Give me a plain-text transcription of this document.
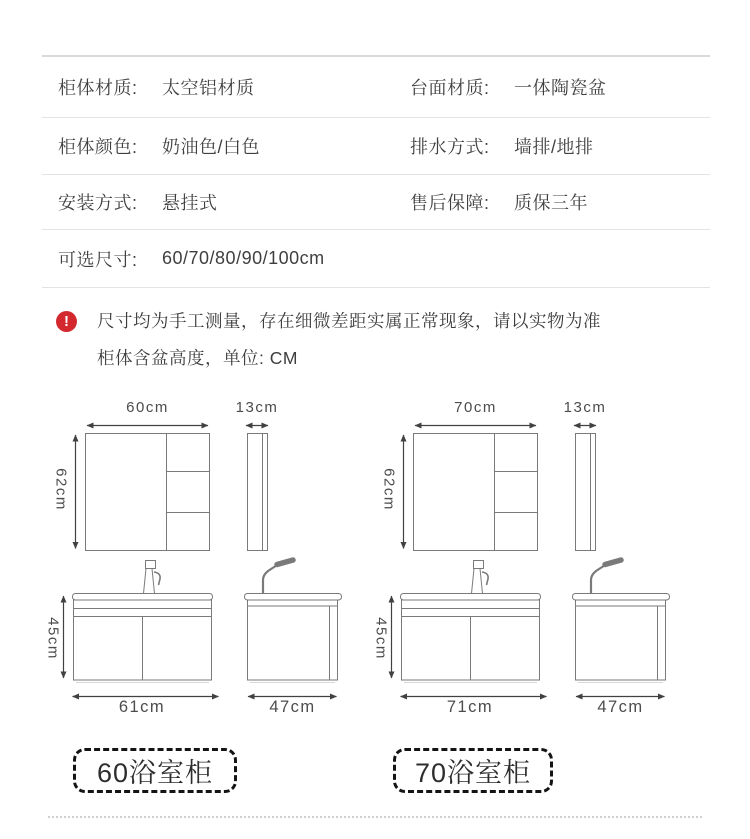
柜体材质:	太空铝材质	台面材质:	一体陶瓷盆
柜体颜色:	奶油色/白色	排水方式:	墙排/地排
安装方式:	悬挂式	售后保障:	质保三年
可选尺寸:	60/70/80/90/100cm
!	尺寸均为手工测量，存在细微差距实属正常现象，请以实物为准
柜体含盆高度，单位: CM
60cm	13cm
62cm
45cm
61cm	47cm
70cm	13cm
62cm
45cm
71cm	47cm
60浴室柜	70浴室柜
